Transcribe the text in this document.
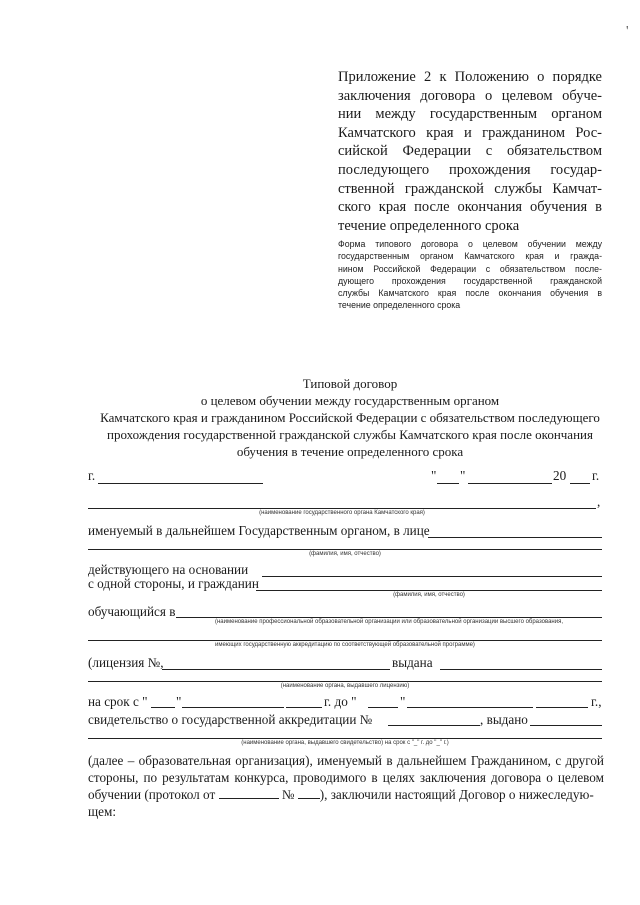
Приложение 2 к Положению о порядке
заключения договора о целевом обуче-
нии между государственным органом
Камчатского края и гражданином Рос-
сийской Федерации с обязательством
последующего прохождения государ-
ственной гражданской службы Камчат-
ского края после окончания обучения в
течение определенного срока
Форма типового договора о целевом обучении между
государственным органом Камчатского края и гражда-
нином Российской Федерации с обязательством после-
дующего прохождения государственной гражданской
службы Камчатского края после окончания обучения в
течение определенного срока
Типовой договор
о целевом обучении между государственным органом
Камчатского края и гражданином Российской Федерации с обязательством последующего
прохождения государственной гражданской службы Камчатского края после окончания
обучения в течение определенного срока
г.	" "	20 г.
,
(наименование государственного органа Камчатского края)
именуемый в дальнейшем Государственным органом, в лице
(фамилия, имя, отчество)
действующего на основании
с одной стороны, и гражданин
(фамилия, имя, отчество)
обучающийся в
(наименование профессиональной образовательной организации или образовательной организации высшего образования,
имеющих государственную аккредитацию по соответствующей образовательной программе)
(лицензия №,	выдана
(наименование органа, выдавшего лицензию)
на срок с " "	г. до "	"	г.,
свидетельство о государственной аккредитации №	, выдано
(наименование органа, выдавшего свидетельство) на срок с "_" г. до "_" г.)
(далее – образовательная организация), именуемый в дальнейшем Гражданином, с другой
стороны, по результатам конкурса, проводимого в целях заключения договора о целевом
обучении (протокол от	№ ), заключили настоящий Договор о нижеследую-
щем:
'
